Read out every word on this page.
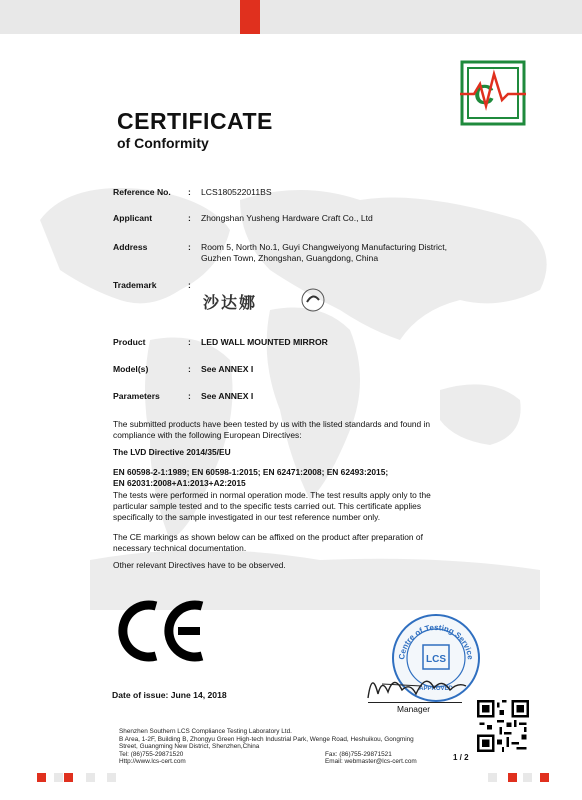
C
CERTIFICATE
of Conformity
Reference No. : LCS180522011BS
Applicant	: Zhongshan Yusheng Hardware Craft Co., Ltd
Address	: Room 5, North No.1, Guyi Changweiyong Manufacturing District,
Guzhen Town, Zhongshan, Guangdong, China
Trademark	:
沙达娜
Product	: LED WALL MOUNTED MIRROR
Model(s)	: See ANNEX I
Parameters	: See ANNEX I
The submitted products have been tested by us with the listed standards and found in
compliance with the following European Directives:
The LVD Directive 2014/35/EU
EN 60598-2-1:1989; EN 60598-1:2015; EN 62471:2008; EN 62493:2015;
EN 62031:2008+A1:2013+A2:2015
The tests were performed in normal operation mode. The test results apply only to the
particular sample tested and to the specific tests carried out. This certificate applies
specifically to the sample investigated in our test reference number only.
The CE markings as shown below can be affixed on the product after preparation of
necessary technical documentation.
Other relevant Directives have to be observed.
Centre of Testing Service
LCS
APPROVED
Date of issue: June 14, 2018
Manager
Shenzhen Southern LCS Compliance Testing Laboratory Ltd.
B Area, 1-2F, Building B, Zhongyu Green High-tech Industrial Park, Wenge Road, Heshuikou, Gongming
Street, Guangming New District, Shenzhen,China
Tel: (86)755-29871520	Fax: (86)755-29871521
Http://www.lcs-cert.com	Email: webmaster@lcs-cert.com	1 / 2
